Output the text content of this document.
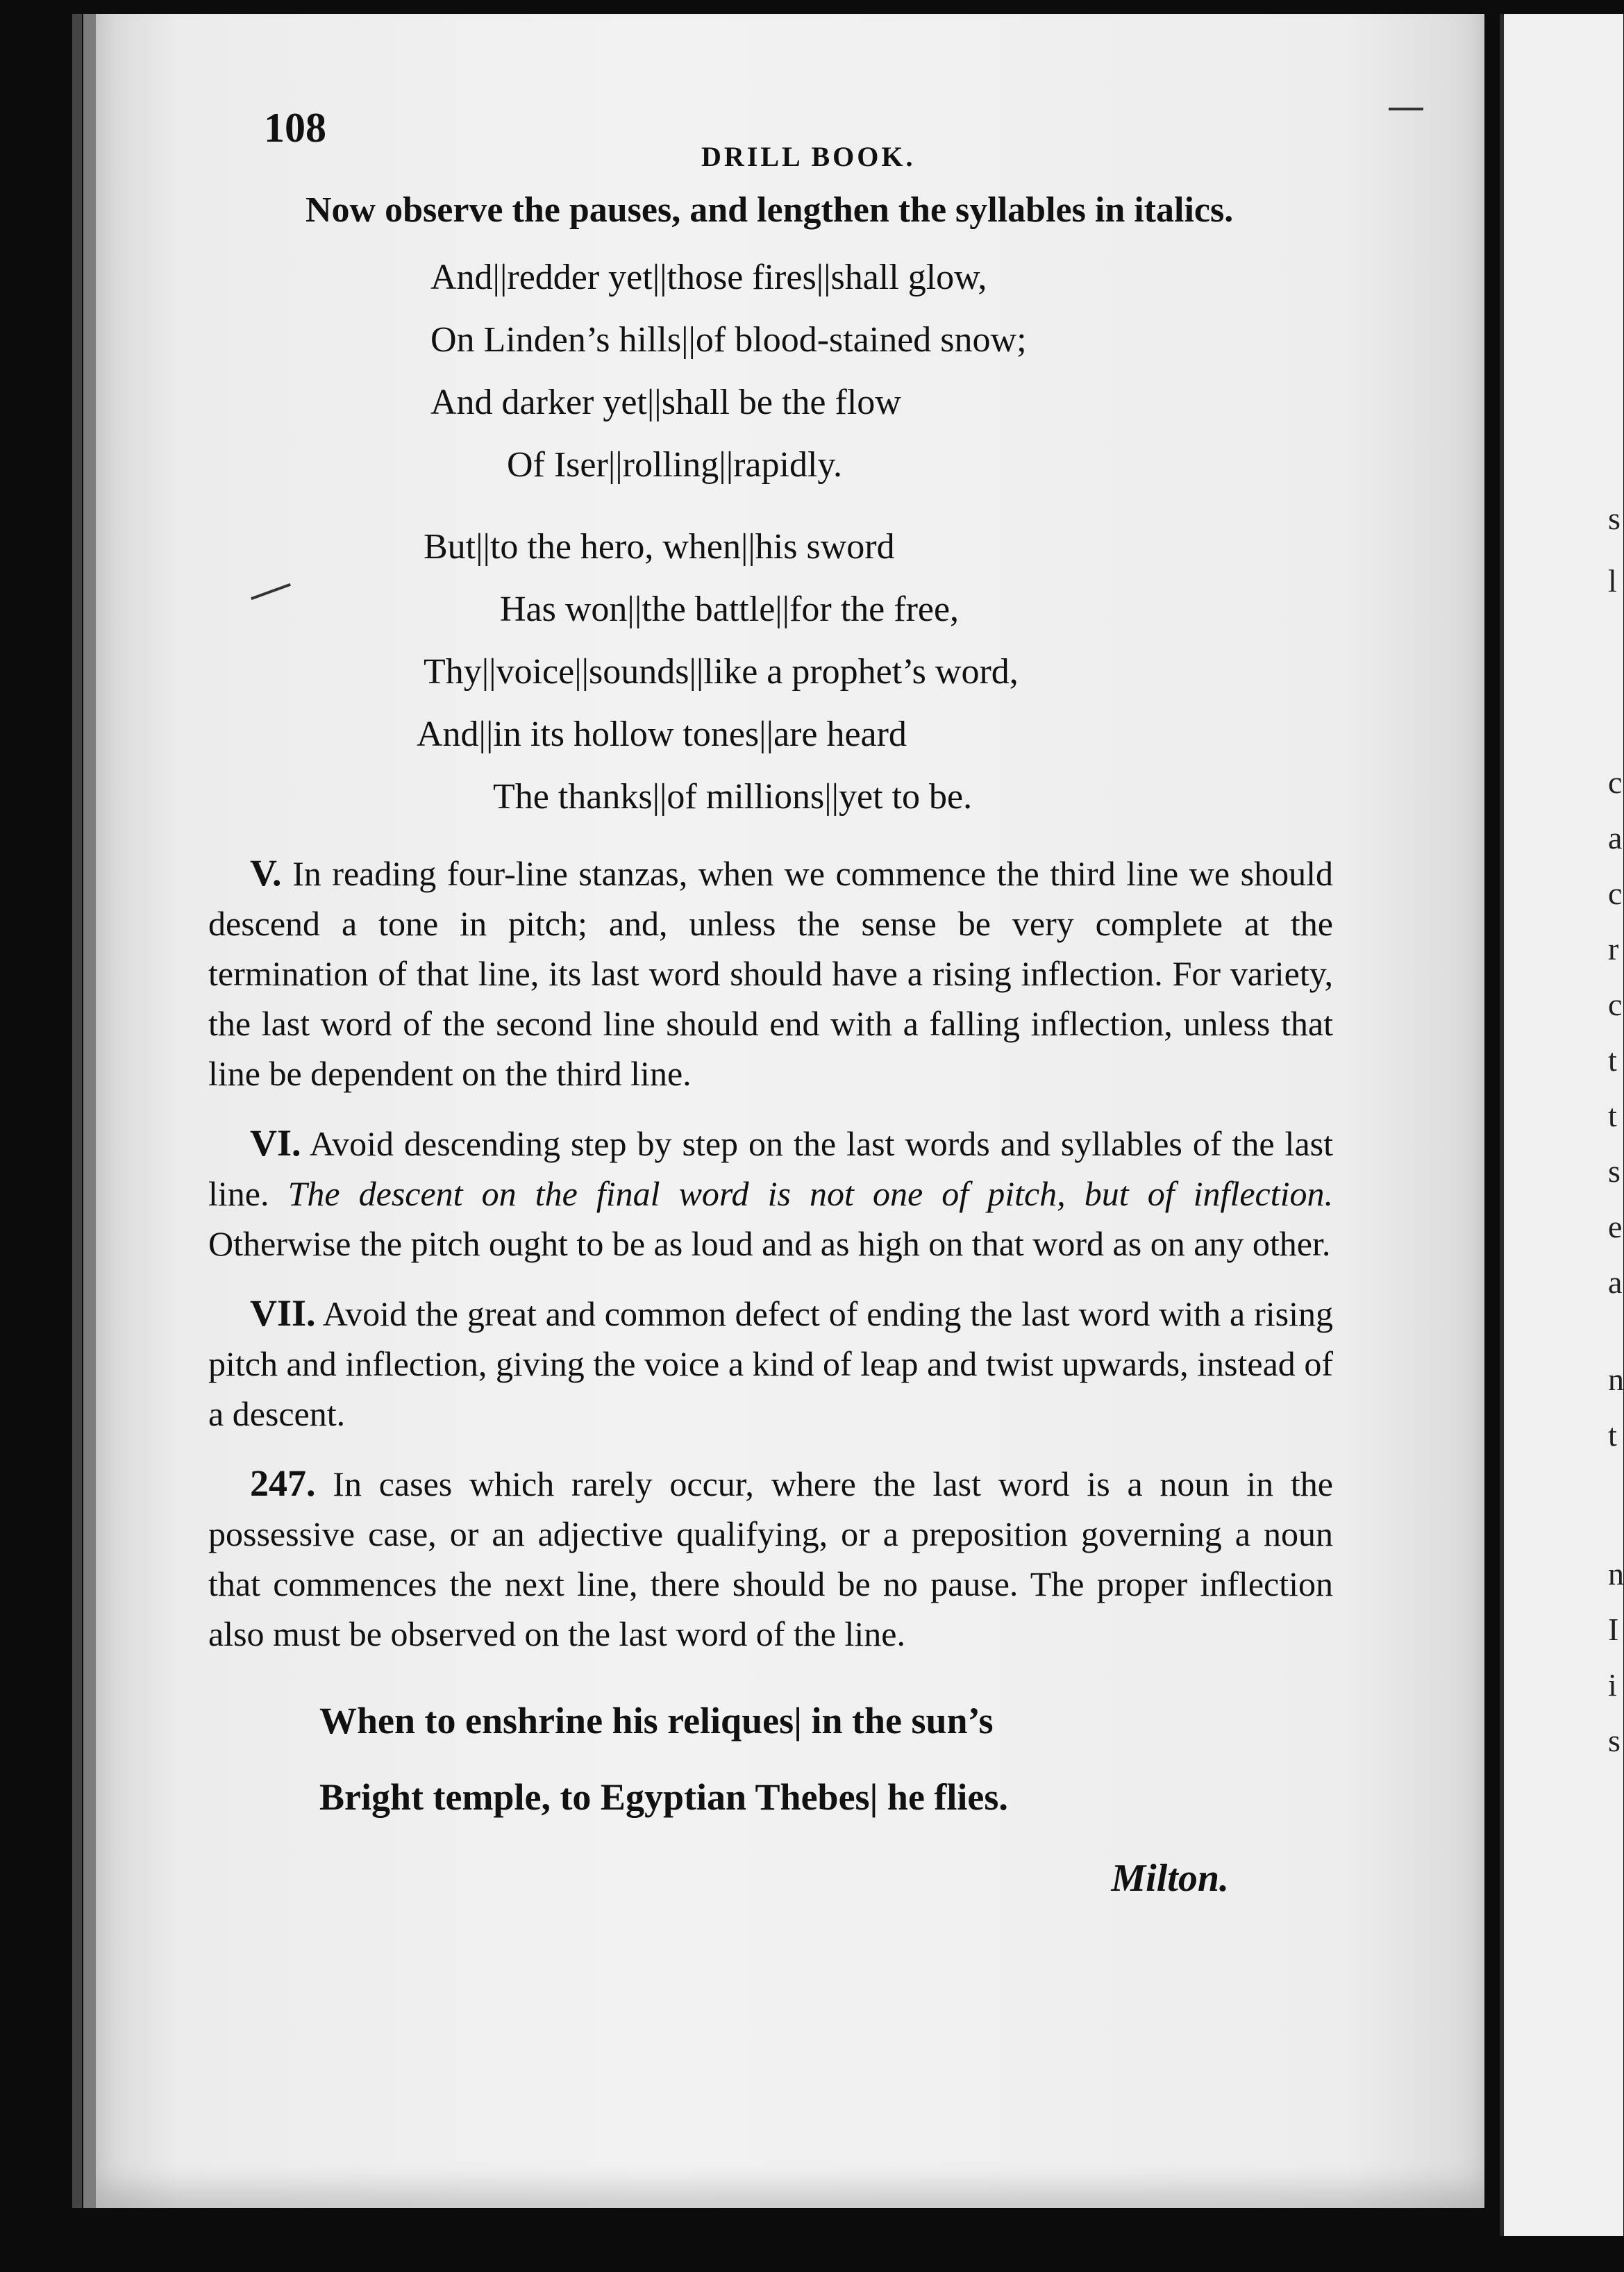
s
l
c
a
c
r
c
t
t
s
e
a
n
t
n
I
i
s
108
DRILL BOOK.

Now observe the pauses, and lengthen the syllables in italics.

And||redder yet||those fires||shall glow,
On Linden’s hills||of blood-stained snow;
And darker yet||shall be the flow
Of Iser||rolling||rapidly.
But||to the hero, when||his sword
Has won||the battle||for the free,
Thy||voice||sounds||like a prophet’s word,
And||in its hollow tones||are heard
The thanks||of millions||yet to be.

V. In reading four-line stanzas, when we commence the third line we should descend a tone in pitch; and, unless the sense be very complete at the termination of that line, its last word should have a rising inflection. For variety, the last word of the second line should end with a falling inflection, unless that line be dependent on the third line.

VI. Avoid descending step by step on the last words and syllables of the last line. The descent on the final word is not one of pitch, but of inflection. Otherwise the pitch ought to be as loud and as high on that word as on any other.

VII. Avoid the great and common defect of ending the last word with a rising pitch and inflection, giving the voice a kind of leap and twist upwards, instead of a descent.

247. In cases which rarely occur, where the last word is a noun in the possessive case, or an adjective qualifying, or a preposition governing a noun that commences the next line, there should be no pause. The proper inflection also must be observed on the last word of the line.

When to enshrine his reliques| in the sun’s
Bright temple, to Egyptian Thebes| he flies.
Milton.
